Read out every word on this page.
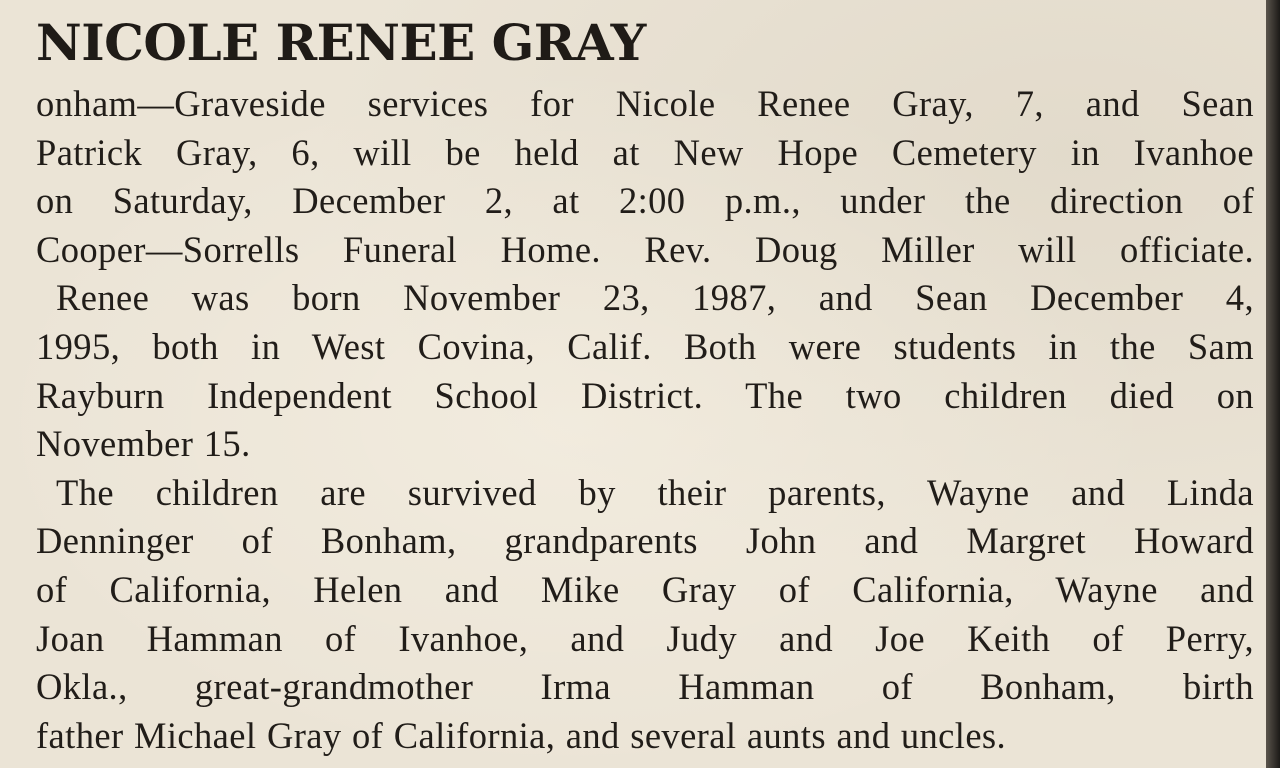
NICOLE RENEE GRAY
onham—Graveside services for Nicole Renee Gray, 7, and Sean
Patrick Gray, 6, will be held at New Hope Cemetery in Ivanhoe
on Saturday, December 2, at 2:00 p.m., under the direction of
Cooper—Sorrells Funeral Home. Rev. Doug Miller will officiate.
Renee was born November 23, 1987, and Sean December 4,
1995, both in West Covina, Calif. Both were students in the Sam
Rayburn Independent School District. The two children died on
November 15.
The children are survived by their parents, Wayne and Linda
Denninger of Bonham, grandparents John and Margret Howard
of California, Helen and Mike Gray of California, Wayne and
Joan Hamman of Ivanhoe, and Judy and Joe Keith of Perry,
Okla., great-grandmother Irma Hamman of Bonham, birth
father Michael Gray of California, and several aunts and uncles.
